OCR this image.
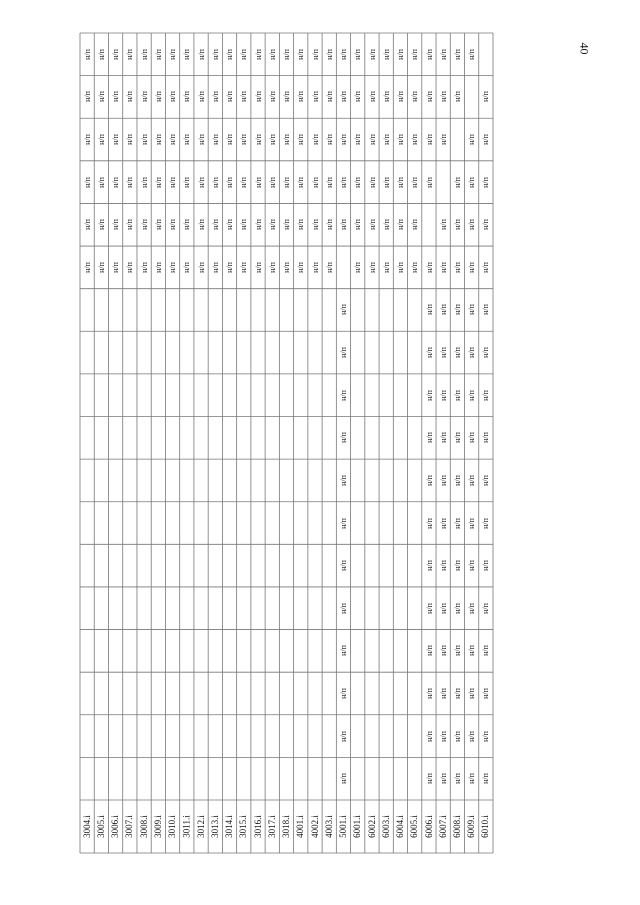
40
3004.i
н/п
н/п
н/п
н/п
н/п
н/п
3005.i
н/п
н/п
н/п
н/п
н/п
н/п
3006.i
н/п
н/п
н/п
н/п
н/п
н/п
3007.i
н/п
н/п
н/п
н/п
н/п
н/п
3008.i
н/п
н/п
н/п
н/п
н/п
н/п
3009.i
н/п
н/п
н/п
н/п
н/п
н/п
3010.i
н/п
н/п
н/п
н/п
н/п
н/п
3011.i
н/п
н/п
н/п
н/п
н/п
н/п
3012.i
н/п
н/п
н/п
н/п
н/п
н/п
3013.i
н/п
н/п
н/п
н/п
н/п
н/п
3014.i
н/п
н/п
н/п
н/п
н/п
н/п
3015.i
н/п
н/п
н/п
н/п
н/п
н/п
3016.i
н/п
н/п
н/п
н/п
н/п
н/п
3017.i
н/п
н/п
н/п
н/п
н/п
н/п
3018.i
н/п
н/п
н/п
н/п
н/п
н/п
4001.i
н/п
н/п
н/п
н/п
н/п
н/п
4002.i
н/п
н/п
н/п
н/п
н/п
н/п
4003.i
н/п
н/п
н/п
н/п
н/п
н/п
5001.i
н/п
н/п
н/п
н/п
н/п
н/п
н/п
н/п
н/п
н/п
н/п
н/п
н/п
н/п
н/п
н/п
н/п
6001.i
н/п
н/п
н/п
н/п
н/п
н/п
6002.i
н/п
н/п
н/п
н/п
н/п
н/п
6003.i
н/п
н/п
н/п
н/п
н/п
н/п
6004.i
н/п
н/п
н/п
н/п
н/п
н/п
6005.i
н/п
н/п
н/п
н/п
н/п
н/п
6006.i
н/п
н/п
н/п
н/п
н/п
н/п
н/п
н/п
н/п
н/п
н/п
н/п
н/п
н/п
н/п
н/п
н/п
6007.i
н/п
н/п
н/п
н/п
н/п
н/п
н/п
н/п
н/п
н/п
н/п
н/п
н/п
н/п
н/п
н/п
н/п
6008.i
н/п
н/п
н/п
н/п
н/п
н/п
н/п
н/п
н/п
н/п
н/п
н/п
н/п
н/п
н/п
н/п
н/п
6009.i
н/п
н/п
н/п
н/п
н/п
н/п
н/п
н/п
н/п
н/п
н/п
н/п
н/п
н/п
н/п
н/п
н/п
6010.i
н/п
н/п
н/п
н/п
н/п
н/п
н/п
н/п
н/п
н/п
н/п
н/п
н/п
н/п
н/п
н/п
н/п
